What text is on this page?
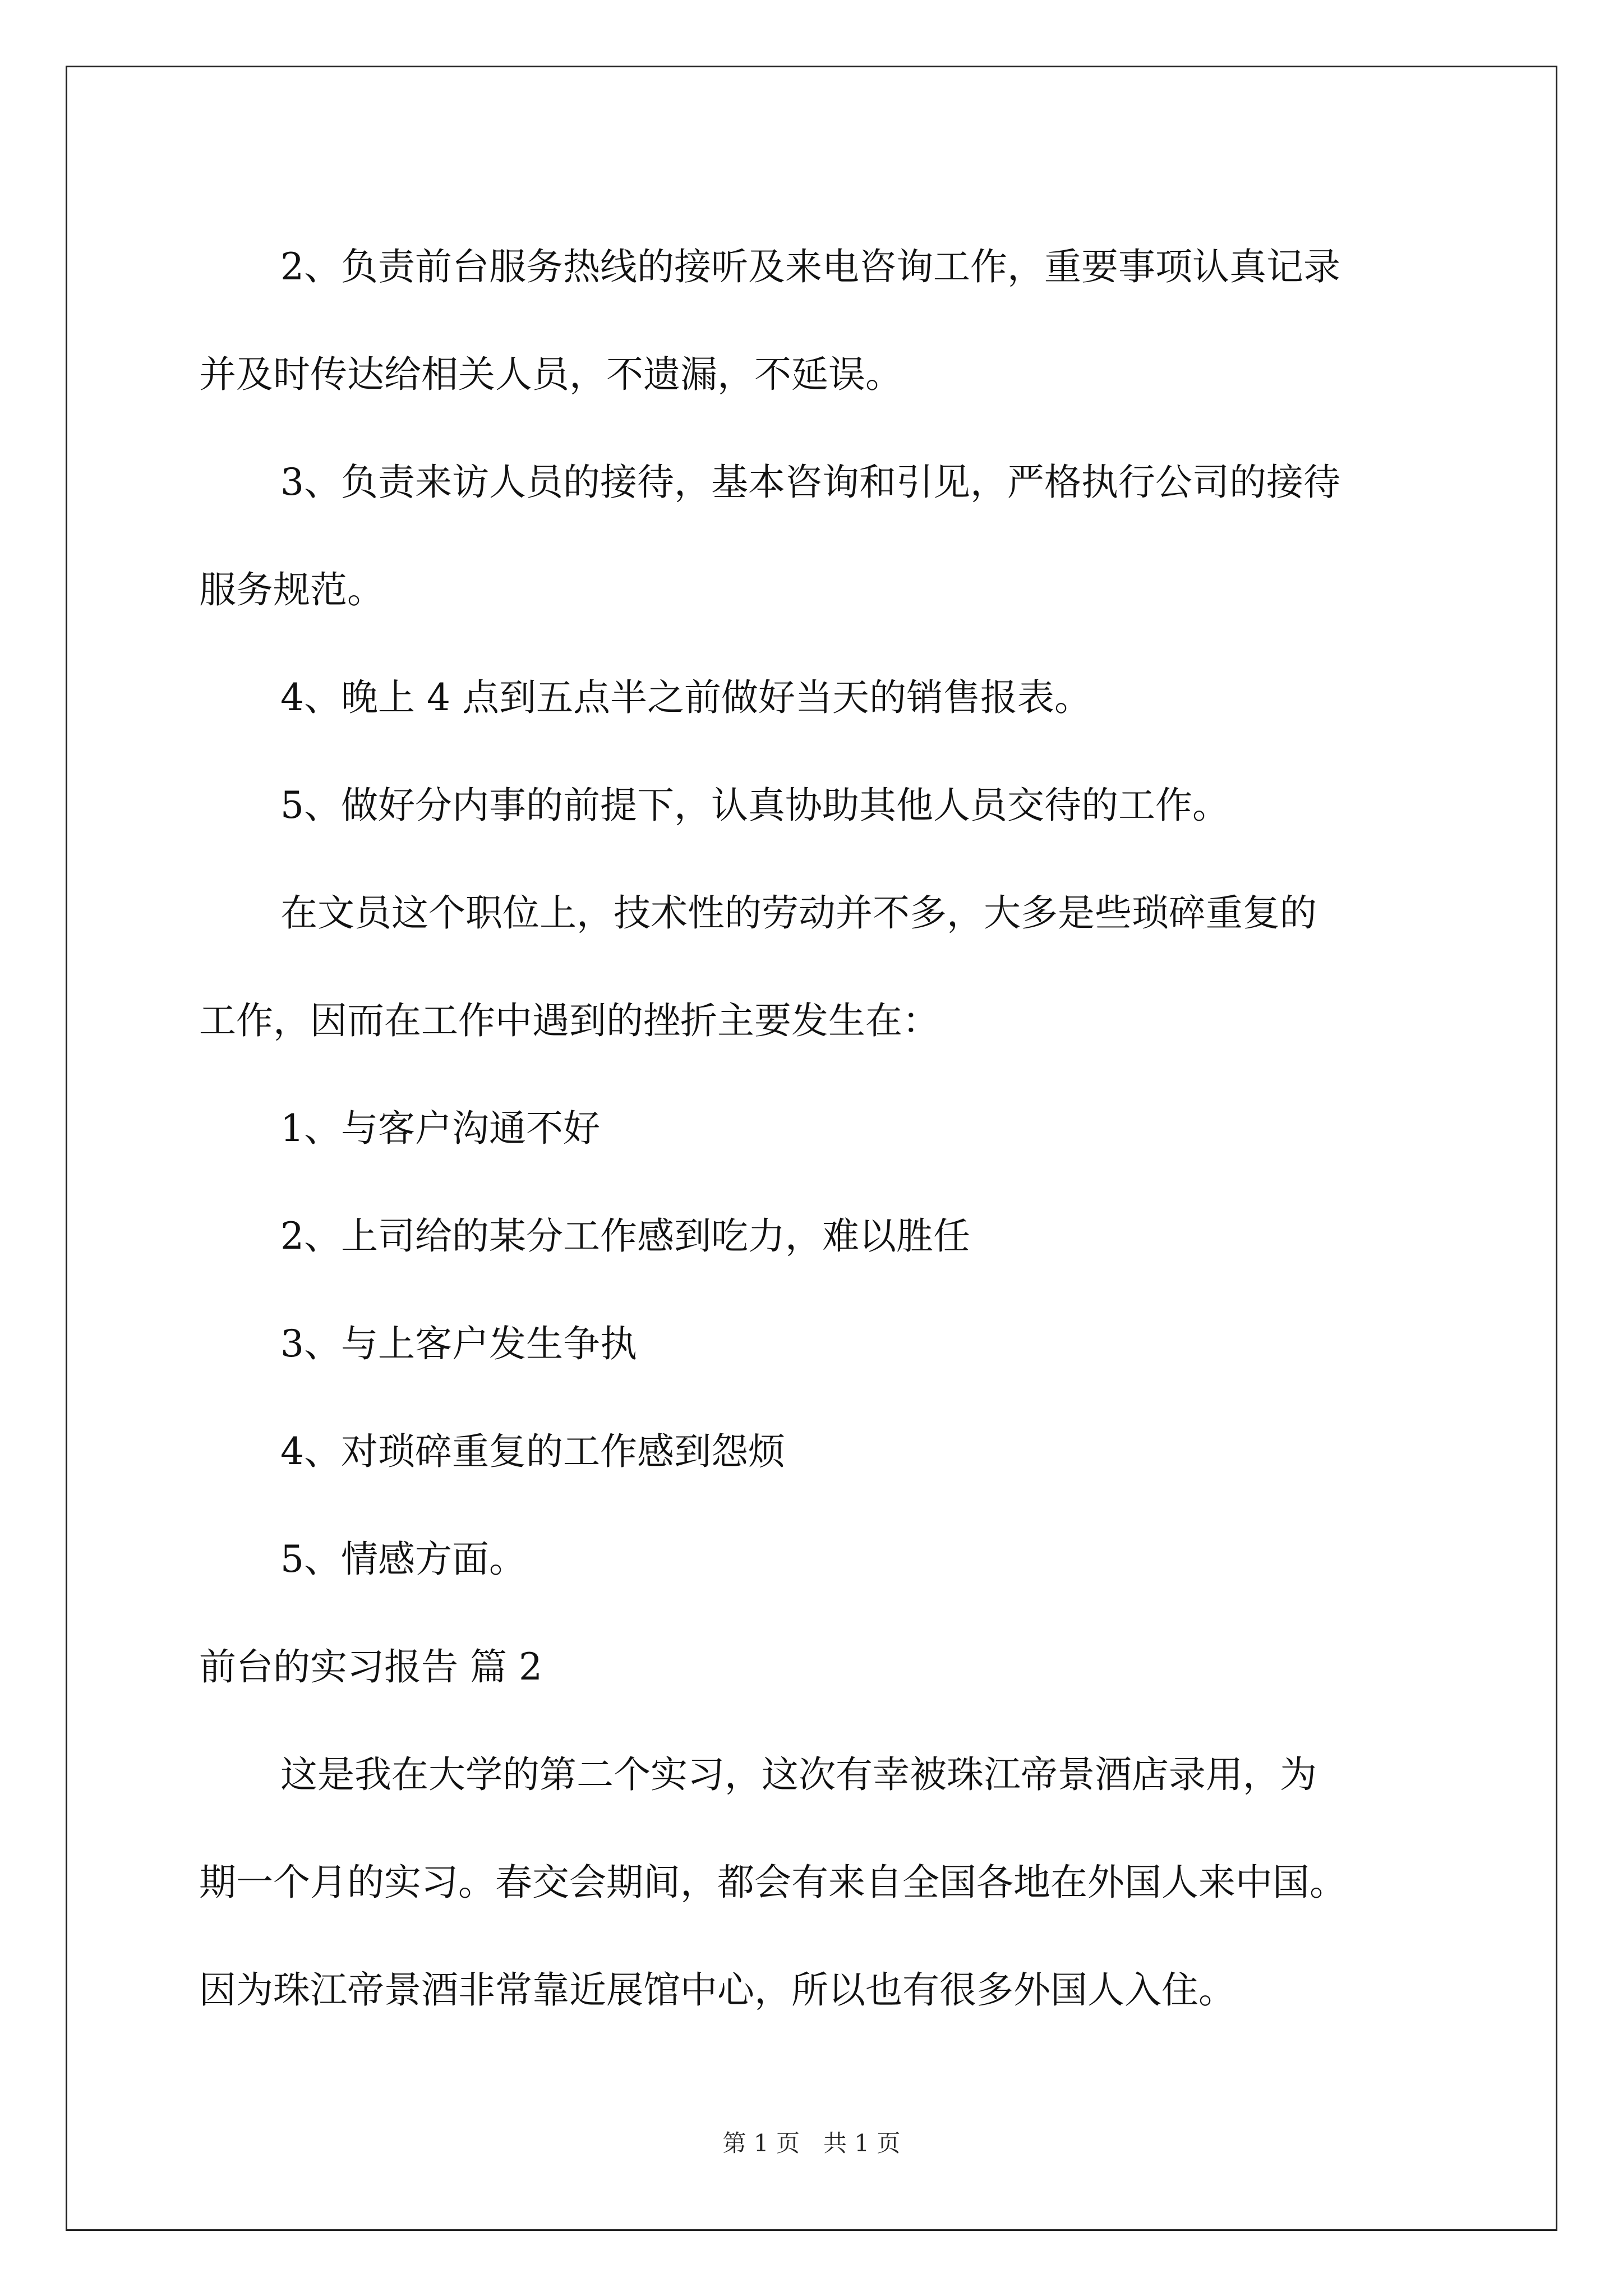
2、负责前台服务热线的接听及来电咨询工作，重要事项认真记录
并及时传达给相关人员，不遗漏，不延误。

3、负责来访人员的接待，基本咨询和引见，严格执行公司的接待
服务规范。

4、晚上 4 点到五点半之前做好当天的销售报表。

5、做好分内事的前提下，认真协助其他人员交待的工作。

在文员这个职位上，技术性的劳动并不多，大多是些琐碎重复的
工作，因而在工作中遇到的挫折主要发生在：

1、与客户沟通不好

2、上司给的某分工作感到吃力，难以胜任

3、与上客户发生争执

4、对琐碎重复的工作感到怨烦

5、情感方面。

前台的实习报告 篇 2

这是我在大学的第二个实习，这次有幸被珠江帝景酒店录用，为
期一个月的实习。春交会期间，都会有来自全国各地在外国人来中国。
因为珠江帝景酒非常靠近展馆中心，所以也有很多外国人入住。

第 1 页　共 1 页
